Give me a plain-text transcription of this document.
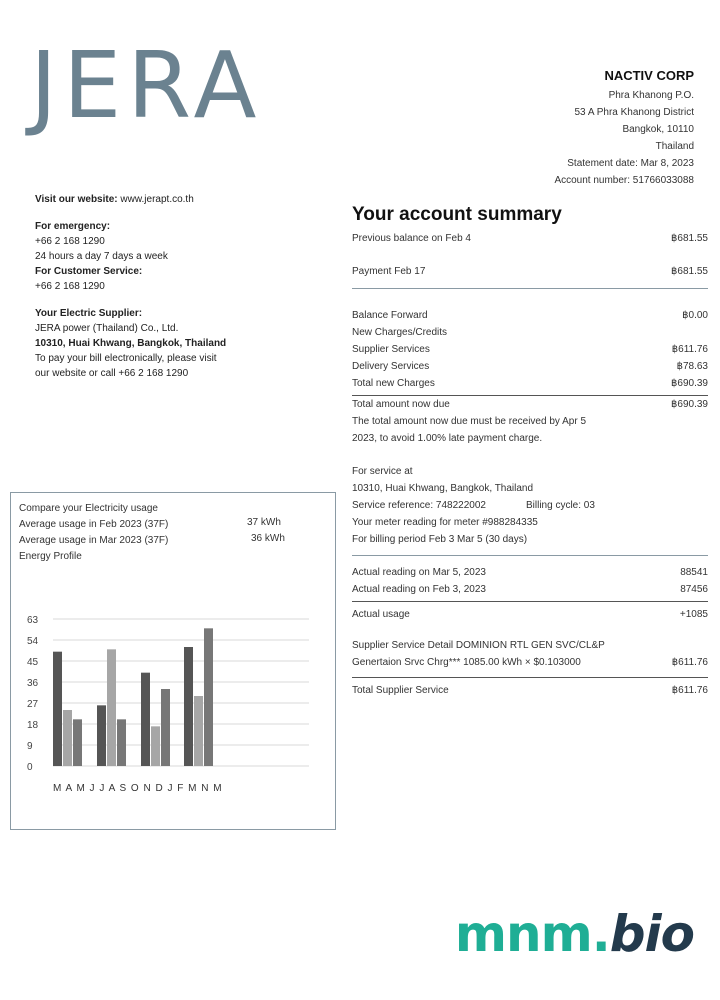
JERA	NACTIV CORP
Phra Khanong P.O.
53 A Phra Khanong District
Bangkok, 10110
Thailand
Statement date: Mar 8, 2023
Account number: 51766033088
Visit our website: www.jerapt.co.th
For emergency:
+66 2 168 1290
24 hours a day 7 days a week
For Customer Service:
+66 2 168 1290
Your Electric Supplier:
JERA power (Thailand) Co., Ltd.
10310, Huai Khwang, Bangkok, Thailand
To pay your bill electronically, please visit
our website or call +66 2 168 1290
Your account summary
Previous balance on Feb 4	฿681.55
Payment Feb 17	฿681.55
Balance Forward	฿0.00
New Charges/Credits
Supplier Services	฿611.76
Delivery Services	฿78.63
Total new Charges	฿690.39
Total amount now due	฿690.39
The total amount now due must be received by Apr 5
2023, to avoid 1.00% late payment charge.
For service at
10310, Huai Khwang, Bangkok, Thailand
Service reference: 748222002	Billing cycle: 03
Your meter reading for meter #988284335
For billing period Feb 3 Mar 5 (30 days)
Actual reading on Mar 5, 2023	88541
Actual reading on Feb 3, 2023	87456
Actual usage	+1085
Supplier Service Detail DOMINION RTL GEN SVC/CL&P
Genertaion Srvc Chrg*** 1085.00 kWh × $0.103000	฿611.76
Total Supplier Service	฿611.76
Compare your Electricity usage
Average usage in Feb 2023 (37F)	37 kWh
Average usage in Mar 2023 (37F)	36 kWh
Energy Profile
0
9
18
27
36
45
54
63
M A M J J A S O N D J F M N M
mnm.bio
